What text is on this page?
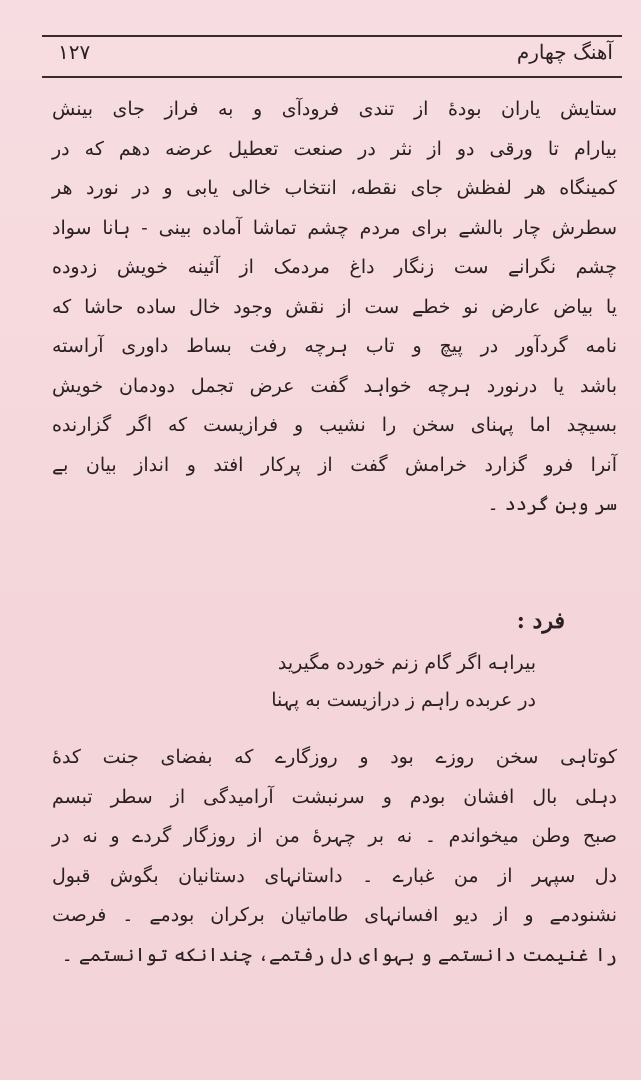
آهنگ چهارم
۱۲۷
ستایش یاران بودهٔ از تندی فرودآی و به فراز جای بینش
بیارام تا ورقی دو از نثر در صنعت تعطیل عرضه دهم که در
کمینگاه هر لفظش جای نقطه، انتخاب خالی یابی و در نورد هر
سطرش چار بالشے برای مردم چشم تماشا آماده بینی - ہانا سواد
چشم نگرانے ست زنگار داغ مردمک از آئینه خویش زدوده
یا بیاض عارض نو خطے ست از نقش وجود خال ساده حاشا که
نامه گردآور در پیچ و تاب ہرچه رفت بساط داوری آراسته
باشد یا درنورد ہرچه خواہد گفت عرض تجمل دودمان خویش
بسیچد اما پہنای سخن را نشیب و فرازیست که اگر گزارنده
آنرا فرو گزارد خرامش گفت از پرکار افتد و انداز بیان بے
سر وبن گردد ۔
فرد :
بیراہه اگر گام زنم خورده مگیرید
در عربده راہم ز درازیست به پہنا
کوتاہی سخن روزے بود و روزگارے که بفضای جنت کدهٔ
دہلی بال افشان بودم و سرنبشت آرامیدگی از سطر تبسم
صبح وطن میخواندم ۔ نه بر چہرهٔ من از روزگار گردے و نه در
دل سپہر از من غبارے ۔ داستانہای دستانیان بگوش قبول
نشنودمے و از دیو افسانہای طاماتیان برکران بودمے ۔ فرصت
را غنیمت دانستمے و بہوای دل رفتمے، چندانکه توانستمے ۔
